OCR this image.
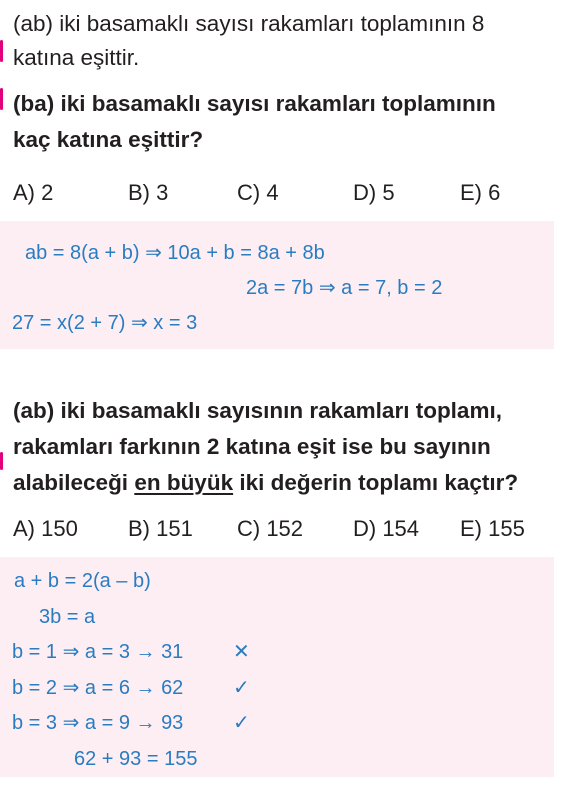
(ab) iki basamaklı sayısı rakamları toplamının 8
katına eşittir.
(ba) iki basamaklı sayısı rakamları toplamının
kaç katına eşittir?
A) 2	B) 3	C) 4	D) 5	E) 6
ab = 8(a + b) ⇒ 10a + b = 8a + 8b
2a = 7b ⇒ a = 7, b = 2
27 = x(2 + 7) ⇒ x = 3
(ab) iki basamaklı sayısının rakamları toplamı,
rakamları farkının 2 katına eşit ise bu sayının
alabileceği en büyük iki değerin toplamı kaçtır?
A) 150 B) 151 C) 152 D) 154 E) 155
a + b = 2(a – b)
3b = a
b = 1 ⇒ a = 3 → 31 ✕
b = 2 ⇒ a = 6 → 62 ✓
b = 3 ⇒ a = 9 → 93 ✓
62 + 93 = 155
